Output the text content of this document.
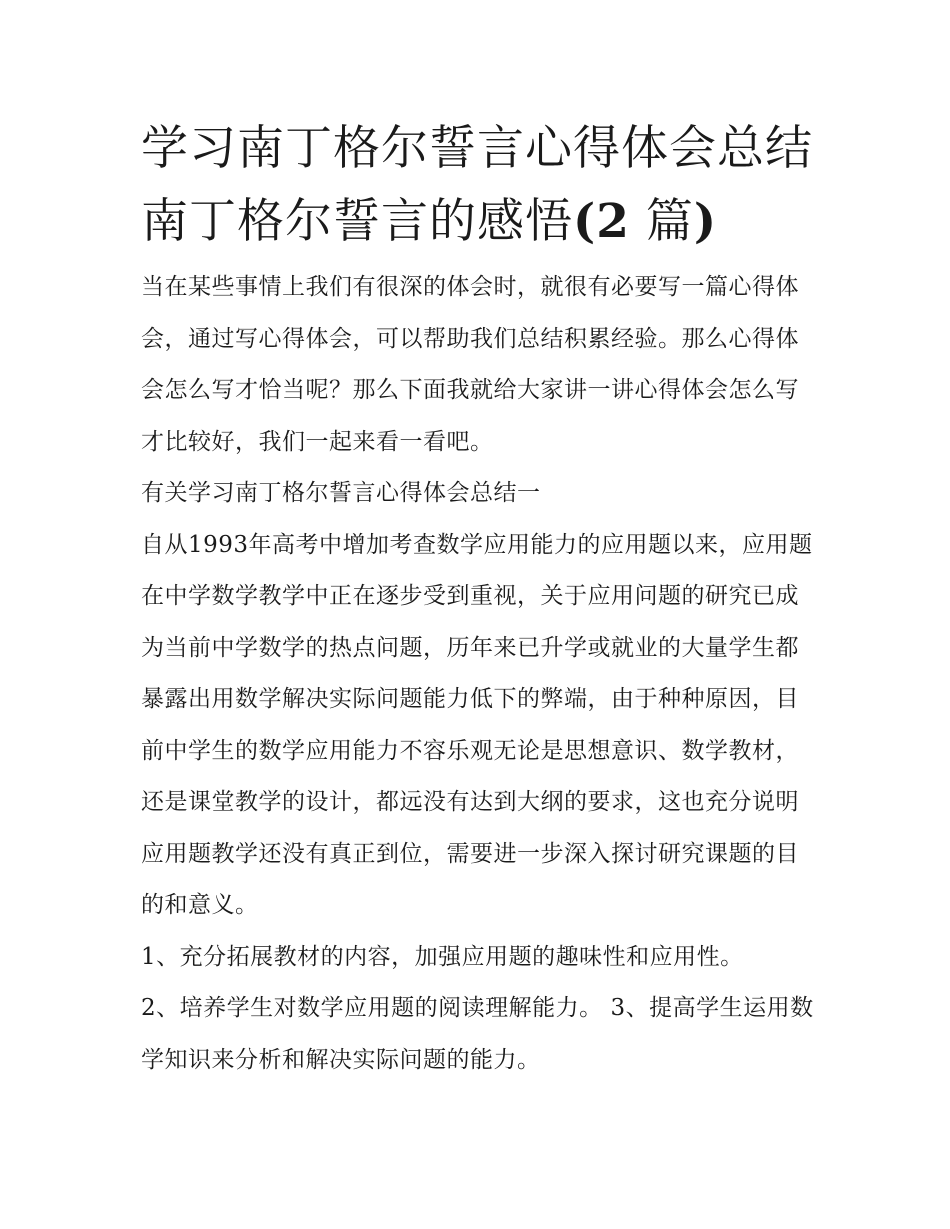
学习南丁格尔誓言心得体会总结 南丁格尔誓言的感悟(2 篇)

当在某些事情上我们有很深的体会时，就很有必要写一篇心得体会，通过写心得体会，可以帮助我们总结积累经验。那么心得体会怎么写才恰当呢？那么下面我就给大家讲一讲心得体会怎么写才比较好，我们一起来看一看吧。

有关学习南丁格尔誓言心得体会总结一

自从1993年高考中增加考查数学应用能力的应用题以来，应用题在中学数学教学中正在逐步受到重视，关于应用问题的研究已成为当前中学数学的热点问题，历年来已升学或就业的大量学生都暴露出用数学解决实际问题能力低下的弊端，由于种种原因，目前中学生的数学应用能力不容乐观无论是思想意识、数学教材，还是课堂教学的设计，都远没有达到大纲的要求，这也充分说明应用题教学还没有真正到位，需要进一步深入探讨研究课题的目的和意义。

1、充分拓展教材的内容，加强应用题的趣味性和应用性。

2、培养学生对数学应用题的阅读理解能力。 3、提高学生运用数学知识来分析和解决实际问题的能力。
